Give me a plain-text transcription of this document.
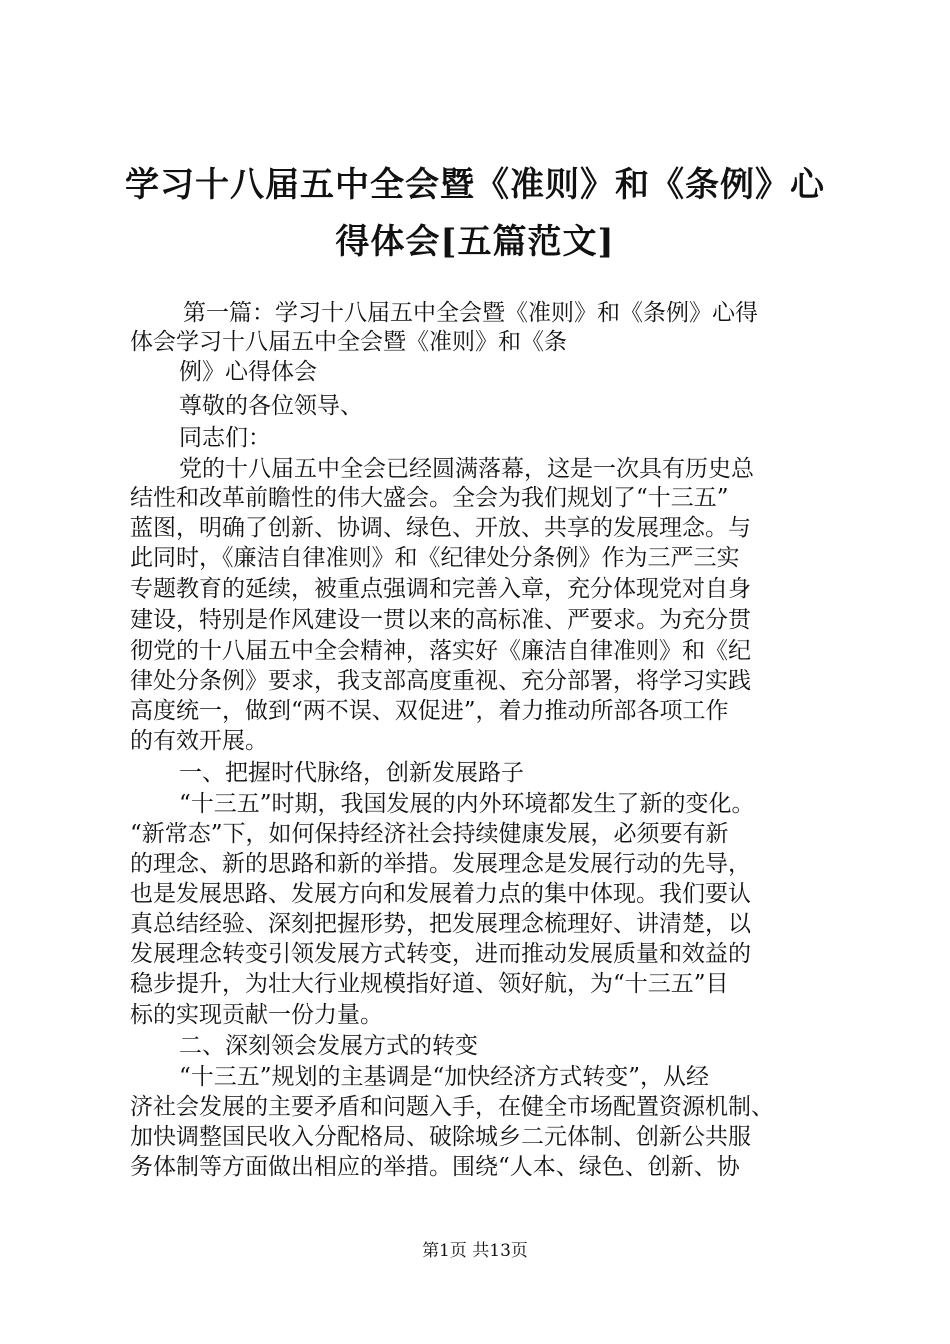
学习十八届五中全会暨《准则》和《条例》心
得体会[五篇范文]
第一篇：学习十八届五中全会暨《准则》和《条例》心得
体会学习十八届五中全会暨《准则》和《条
例》心得体会
尊敬的各位领导、
同志们：
党的十八届五中全会已经圆满落幕，这是一次具有历史总
结性和改革前瞻性的伟大盛会。全会为我们规划了“十三五”
蓝图，明确了创新、协调、绿色、开放、共享的发展理念。与
此同时，《廉洁自律准则》和《纪律处分条例》作为三严三实
专题教育的延续，被重点强调和完善入章，充分体现党对自身
建设，特别是作风建设一贯以来的高标准、严要求。为充分贯
彻党的十八届五中全会精神，落实好《廉洁自律准则》和《纪
律处分条例》要求，我支部高度重视、充分部署，将学习实践
高度统一，做到“两不误、双促进”，着力推动所部各项工作
的有效开展。
一、把握时代脉络，创新发展路子
“十三五”时期，我国发展的内外环境都发生了新的变化。
“新常态”下，如何保持经济社会持续健康发展，必须要有新
的理念、新的思路和新的举措。发展理念是发展行动的先导，
也是发展思路、发展方向和发展着力点的集中体现。我们要认
真总结经验、深刻把握形势，把发展理念梳理好、讲清楚，以
发展理念转变引领发展方式转变，进而推动发展质量和效益的
稳步提升，为壮大行业规模指好道、领好航，为“十三五”目
标的实现贡献一份力量。
二、深刻领会发展方式的转变
“十三五”规划的主基调是“加快经济方式转变”，从经
济社会发展的主要矛盾和问题入手，在健全市场配置资源机制、
加快调整国民收入分配格局、破除城乡二元体制、创新公共服
务体制等方面做出相应的举措。围绕“人本、绿色、创新、协
第1页 共13页
